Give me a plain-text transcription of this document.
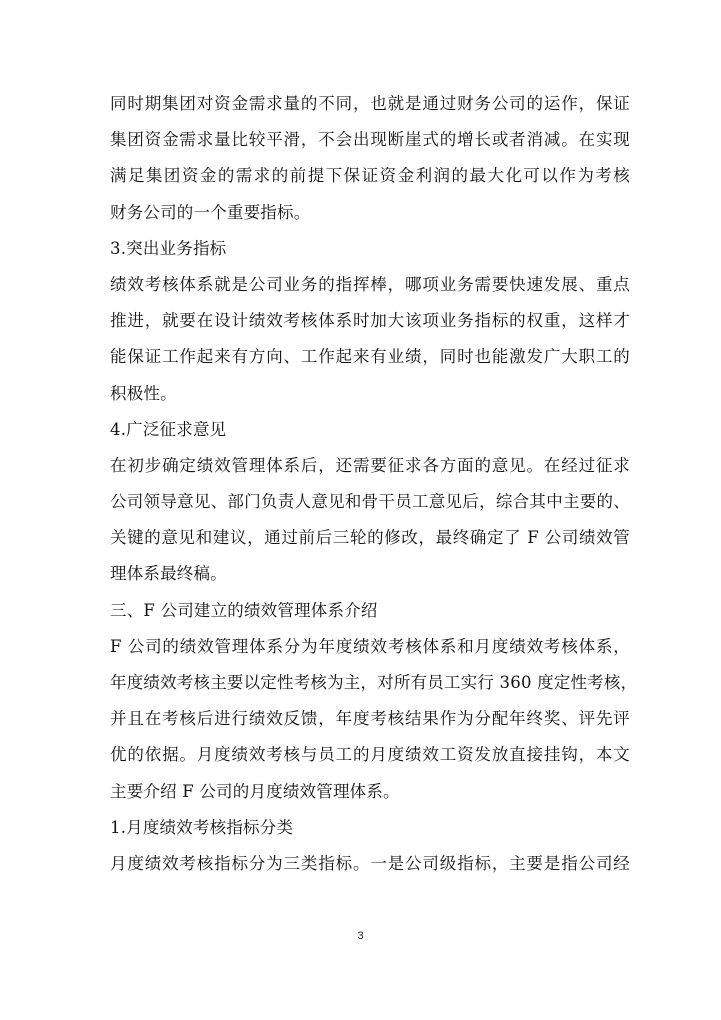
同时期集团对资金需求量的不同，也就是通过财务公司的运作，保证
集团资金需求量比较平滑，不会出现断崖式的增长或者消减。在实现
满足集团资金的需求的前提下保证资金利润的最大化可以作为考核
财务公司的一个重要指标。
3.突出业务指标
绩效考核体系就是公司业务的指挥棒，哪项业务需要快速发展、重点
推进，就要在设计绩效考核体系时加大该项业务指标的权重，这样才
能保证工作起来有方向、工作起来有业绩，同时也能激发广大职工的
积极性。
4.广泛征求意见
在初步确定绩效管理体系后，还需要征求各方面的意见。在经过征求
公司领导意见、部门负责人意见和骨干员工意见后，综合其中主要的、
关键的意见和建议，通过前后三轮的修改，最终确定了 F 公司绩效管
理体系最终稿。
三、F 公司建立的绩效管理体系介绍
F 公司的绩效管理体系分为年度绩效考核体系和月度绩效考核体系，
年度绩效考核主要以定性考核为主，对所有员工实行 360 度定性考核，
并且在考核后进行绩效反馈，年度考核结果作为分配年终奖、评先评
优的依据。月度绩效考核与员工的月度绩效工资发放直接挂钩，本文
主要介绍 F 公司的月度绩效管理体系。
1.月度绩效考核指标分类
月度绩效考核指标分为三类指标。一是公司级指标，主要是指公司经
3
